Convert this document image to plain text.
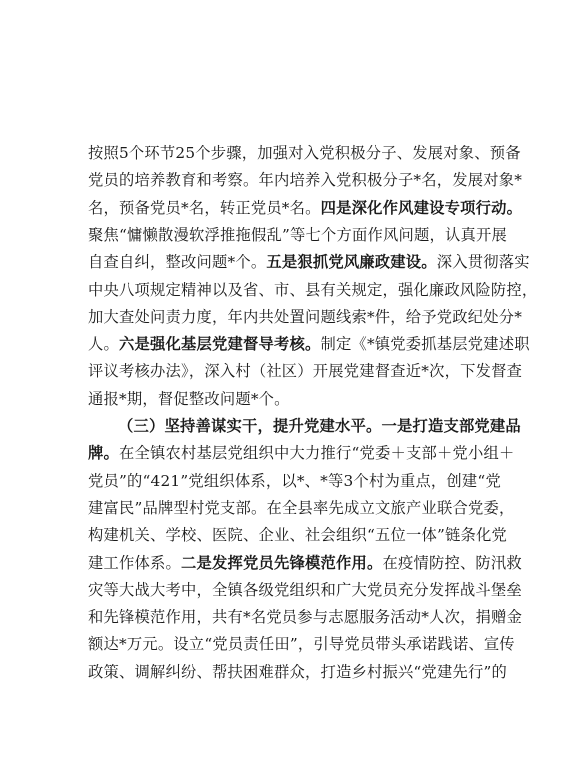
按照5个环节25个步骤，加强对入党积极分子、发展对象、预备
党员的培养教育和考察。年内培养入党积极分子*名，发展对象*
名，预备党员*名，转正党员*名。四是深化作风建设专项行动。
聚焦“慵懒散漫软浮推拖假乱”等七个方面作风问题，认真开展
自查自纠，整改问题*个。五是狠抓党风廉政建设。深入贯彻落实
中央八项规定精神以及省、市、县有关规定，强化廉政风险防控，
加大查处问责力度，年内共处置问题线索*件，给予党政纪处分*
人。六是强化基层党建督导考核。制定《*镇党委抓基层党建述职
评议考核办法》，深入村（社区）开展党建督查近*次，下发督查
通报*期，督促整改问题*个。
（三）坚持善谋实干，提升党建水平。一是打造支部党建品
牌。在全镇农村基层党组织中大力推行“党委＋支部＋党小组＋
党员”的“421”党组织体系，以*、*等3个村为重点，创建“党
建富民”品牌型村党支部。在全县率先成立文旅产业联合党委，
构建机关、学校、医院、企业、社会组织“五位一体”链条化党
建工作体系。二是发挥党员先锋模范作用。在疫情防控、防汛救
灾等大战大考中，全镇各级党组织和广大党员充分发挥战斗堡垒
和先锋模范作用，共有*名党员参与志愿服务活动*人次，捐赠金
额达*万元。设立“党员责任田”，引导党员带头承诺践诺、宣传
政策、调解纠纷、帮扶困难群众，打造乡村振兴“党建先行”的
